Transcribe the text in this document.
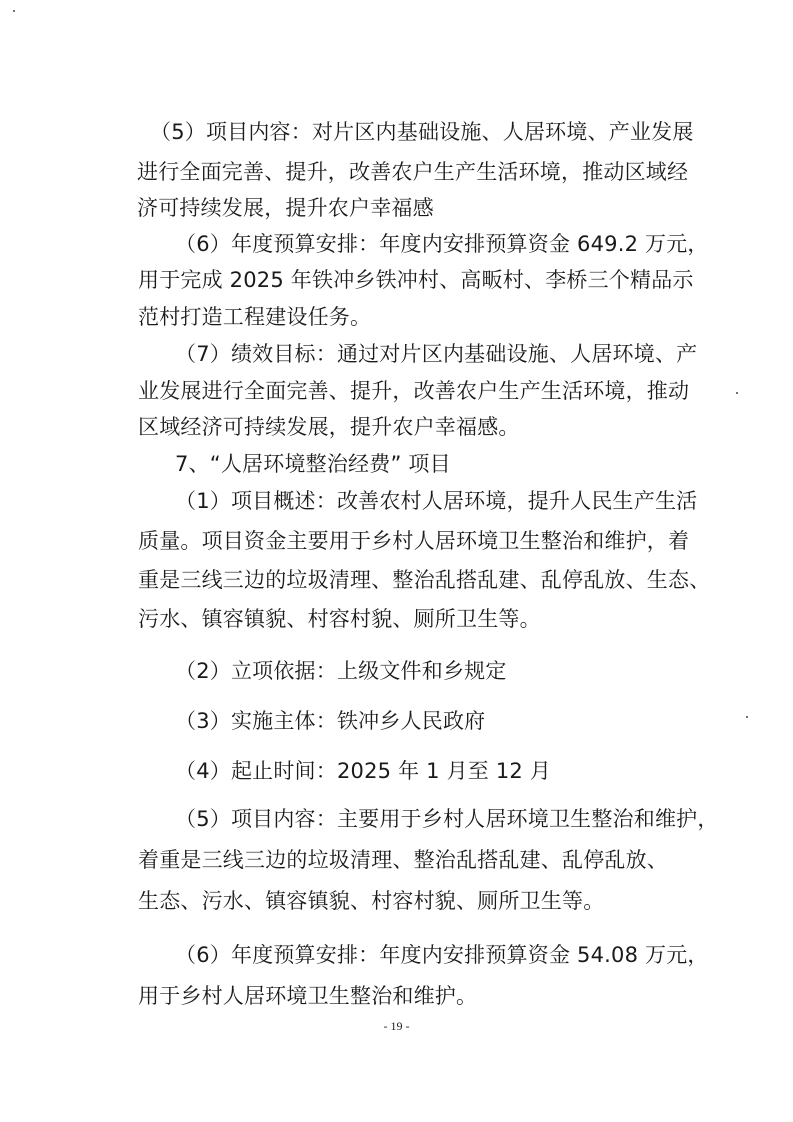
（5）项目内容：对片区内基础设施、人居环境、产业发展
进行全面完善、提升，改善农户生产生活环境，推动区域经
济可持续发展，提升农户幸福感
（6）年度预算安排：年度内安排预算资金 649.2 万元，
用于完成 2025 年铁冲乡铁冲村、高畈村、李桥三个精品示
范村打造工程建设任务。
（7）绩效目标：通过对片区内基础设施、人居环境、产
业发展进行全面完善、提升，改善农户生产生活环境，推动
区域经济可持续发展，提升农户幸福感。
7、“人居环境整治经费” 项目
（1）项目概述：改善农村人居环境，提升人民生产生活
质量。项目资金主要用于乡村人居环境卫生整治和维护，着
重是三线三边的垃圾清理、整治乱搭乱建、乱停乱放、生态、
污水、镇容镇貌、村容村貌、厕所卫生等。
（2）立项依据：上级文件和乡规定
（3）实施主体：铁冲乡人民政府
（4）起止时间：2025 年 1 月至 12 月
（5）项目内容：主要用于乡村人居环境卫生整治和维护，
着重是三线三边的垃圾清理、整治乱搭乱建、乱停乱放、
生态、污水、镇容镇貌、村容村貌、厕所卫生等。
（6）年度预算安排：年度内安排预算资金 54.08 万元，
用于乡村人居环境卫生整治和维护。
- 19 -
